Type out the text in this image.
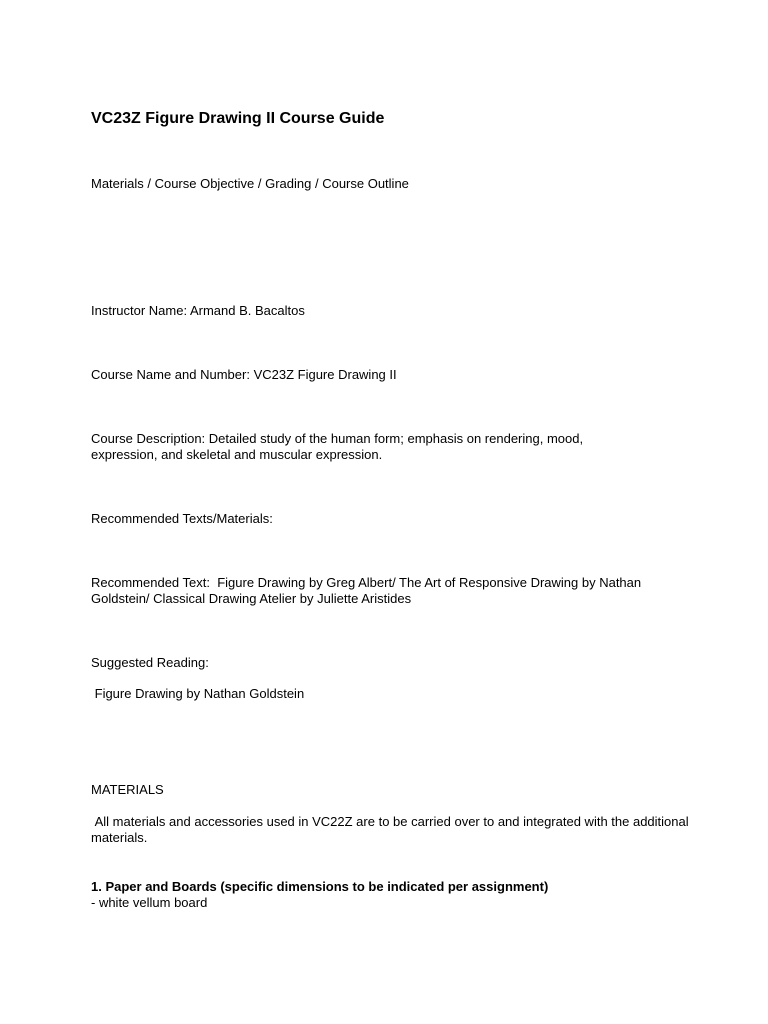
VC23Z Figure Drawing II Course Guide
Materials / Course Objective / Grading / Course Outline
Instructor Name: Armand B. Bacaltos
Course Name and Number: VC23Z Figure Drawing II
Course Description: Detailed study of the human form; emphasis on rendering, mood, expression, and skeletal and muscular expression.
Recommended Texts/Materials:
Recommended Text:  Figure Drawing by Greg Albert/ The Art of Responsive Drawing by Nathan Goldstein/ Classical Drawing Atelier by Juliette Aristides
Suggested Reading:
Figure Drawing by Nathan Goldstein
MATERIALS
All materials and accessories used in VC22Z are to be carried over to and integrated with the additional materials.
1. Paper and Boards (specific dimensions to be indicated per assignment)
- white vellum board
